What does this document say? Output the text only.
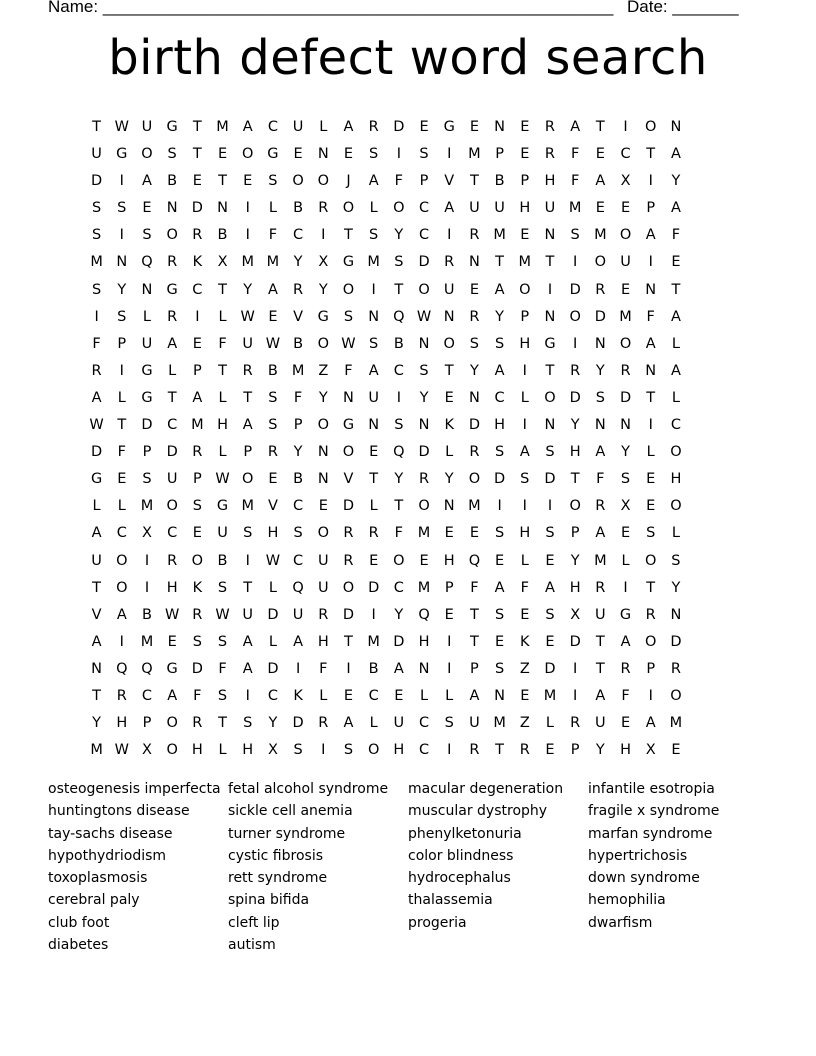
Name: ______________________________________________________ Date: _______
birth defect word search
T	W	U	G	T	M	A	C	U	L	A	R	D	E	G	E	N	E	R	A	T	I	O	N
U	G	O	S	T	E	O	G	E	N	E	S	I	S	I	M	P	E	R	F	E	C	T	A
D	I	A	B	E	T	E	S	O	O	J	A	F	P	V	T	B	P	H	F	A	X	I	Y
S	S	E	N	D	N	I	L	B	R	O	L	O	C	A	U	U	H	U	M	E	E	P	A
S	I	S	O	R	B	I	F	C	I	T	S	Y	C	I	R	M	E	N	S	M	O	A	F
M	N	Q	R	K	X	M	M	Y	X	G	M	S	D	R	N	T	M	T	I	O	U	I	E
S	Y	N	G	C	T	Y	A	R	Y	O	I	T	O	U	E	A	O	I	D	R	E	N	T
I	S	L	R	I	L	W	E	V	G	S	N	Q	W	N	R	Y	P	N	O	D	M	F	A
F	P	U	A	E	F	U	W	B	O	W	S	B	N	O	S	S	H	G	I	N	O	A	L
R	I	G	L	P	T	R	B	M	Z	F	A	C	S	T	Y	A	I	T	R	Y	R	N	A
A	L	G	T	A	L	T	S	F	Y	N	U	I	Y	E	N	C	L	O	D	S	D	T	L
W	T	D	C	M	H	A	S	P	O	G	N	S	N	K	D	H	I	N	Y	N	N	I	C
D	F	P	D	R	L	P	R	Y	N	O	E	Q	D	L	R	S	A	S	H	A	Y	L	O
G	E	S	U	P	W	O	E	B	N	V	T	Y	R	Y	O	D	S	D	T	F	S	E	H
L	L	M	O	S	G	M	V	C	E	D	L	T	O	N	M	I	I	I	O	R	X	E	O
A	C	X	C	E	U	S	H	S	O	R	R	F	M	E	E	S	H	S	P	A	E	S	L
U	O	I	R	O	B	I	W	C	U	R	E	O	E	H	Q	E	L	E	Y	M	L	O	S
T	O	I	H	K	S	T	L	Q	U	O	D	C	M	P	F	A	F	A	H	R	I	T	Y
V	A	B	W	R	W	U	D	U	R	D	I	Y	Q	E	T	S	E	S	X	U	G	R	N
A	I	M	E	S	S	A	L	A	H	T	M	D	H	I	T	E	K	E	D	T	A	O	D
N	Q	Q	G	D	F	A	D	I	F	I	B	A	N	I	P	S	Z	D	I	T	R	P	R
T	R	C	A	F	S	I	C	K	L	E	C	E	L	L	A	N	E	M	I	A	F	I	O
Y	H	P	O	R	T	S	Y	D	R	A	L	U	C	S	U	M	Z	L	R	U	E	A	M
M	W	X	O	H	L	H	X	S	I	S	O	H	C	I	R	T	R	E	P	Y	H	X	E
osteogenesis imperfecta
huntingtons disease
tay-sachs disease
hypothydriodism
toxoplasmosis
cerebral paly
club foot
diabetes
fetal alcohol syndrome
sickle cell anemia
turner syndrome
cystic fibrosis
rett syndrome
spina bifida
cleft lip
autism
macular degeneration
muscular dystrophy
phenylketonuria
color blindness
hydrocephalus
thalassemia
progeria
infantile esotropia
fragile x syndrome
marfan syndrome
hypertrichosis
down syndrome
hemophilia
dwarfism
